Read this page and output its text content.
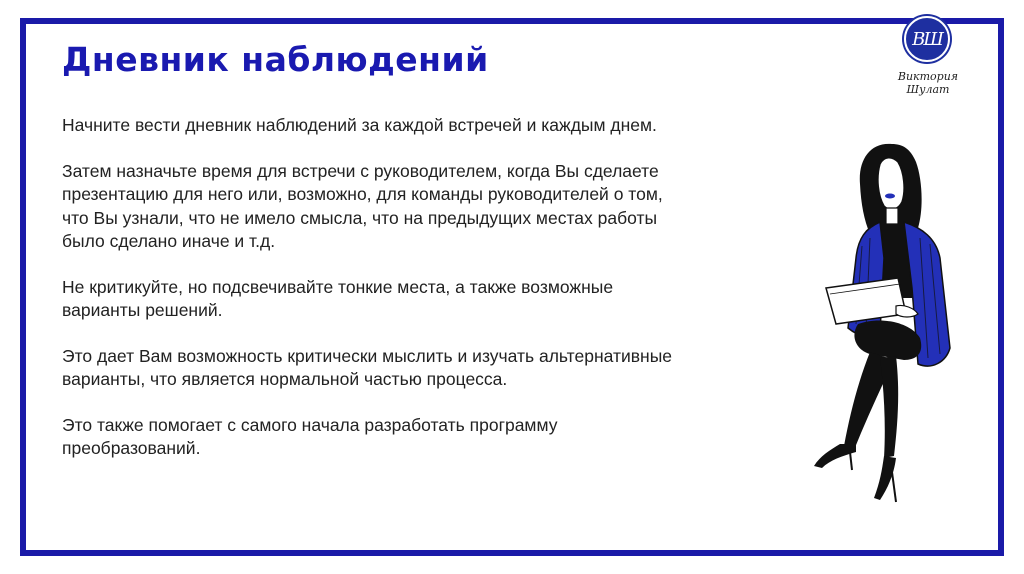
Дневник наблюдений

Начните вести дневник наблюдений за каждой встречей и каждым днем.

Затем назначьте время для встречи с руководителем, когда Вы сделаете презентацию для него или, возможно, для команды руководителей о том, что Вы узнали, что не имело смысла, что на предыдущих местах работы было сделано иначе и т.д.

Не критикуйте, но подсвечивайте тонкие места, а также возможные варианты решений.

Это дает Вам возможность критически мыслить и изучать альтернативные варианты, что является нормальной частью процесса.

Это также помогает с самого начала разработать программу преобразований.

ВШ
Виктория Шулат
